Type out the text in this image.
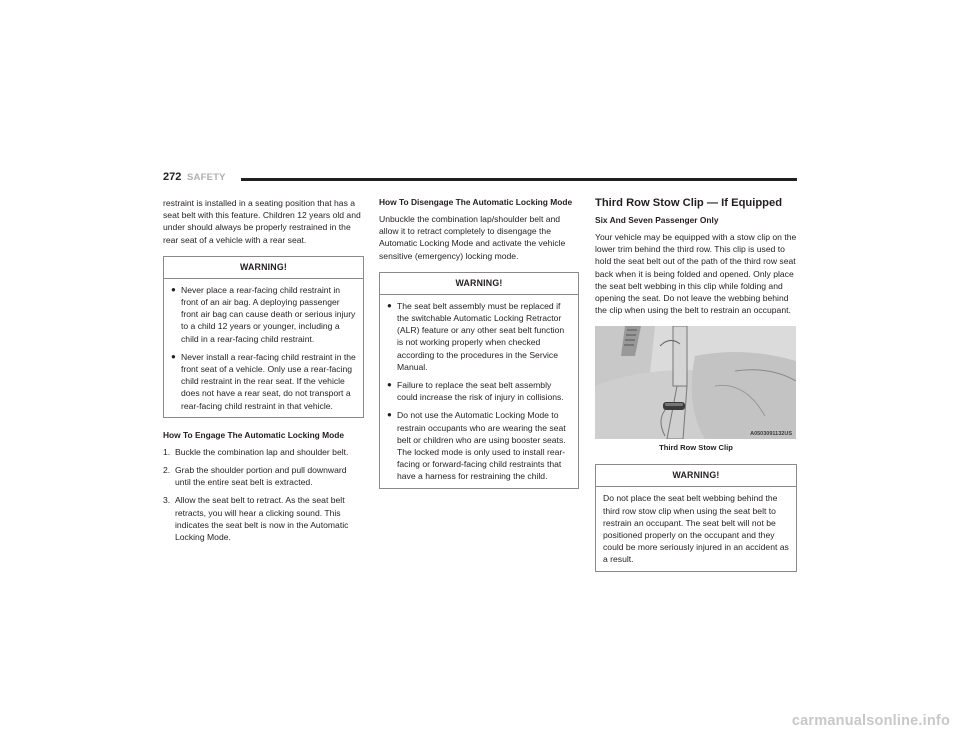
272 SAFETY

restraint is installed in a seating position that has a seat belt with this feature. Children 12 years old and under should always be properly restrained in the rear seat of a vehicle with a rear seat.

WARNING!
● Never place a rear-facing child restraint in front of an air bag. A deploying passenger front air bag can cause death or serious injury to a child 12 years or younger, including a child in a rear-facing child restraint.

● Never install a rear-facing child restraint in the front seat of a vehicle. Only use a rear-facing child restraint in the rear seat. If the vehicle does not have a rear seat, do not transport a rear-facing child restraint in that vehicle.

How To Engage The Automatic Locking Mode
1. Buckle the combination lap and shoulder belt.

2. Grab the shoulder portion and pull downward until the entire seat belt is extracted.

3. Allow the seat belt to retract. As the seat belt retracts, you will hear a clicking sound. This indicates the seat belt is now in the Automatic Locking Mode.

How To Disengage The Automatic Locking Mode

Unbuckle the combination lap/shoulder belt and allow it to retract completely to disengage the Automatic Locking Mode and activate the vehicle sensitive (emergency) locking mode.

WARNING!
● The seat belt assembly must be replaced if the switchable Automatic Locking Retractor (ALR) feature or any other seat belt function is not working properly when checked according to the procedures in the Service Manual.

● Failure to replace the seat belt assembly could increase the risk of injury in collisions.

● Do not use the Automatic Locking Mode to restrain occupants who are wearing the seat belt or children who are using booster seats. The locked mode is only used to install rear-facing or forward-facing child restraints that have a harness for restraining the child.

Third Row Stow Clip — If Equipped
Six And Seven Passenger Only

Your vehicle may be equipped with a stow clip on the lower trim behind the third row. This clip is used to hold the seat belt out of the path of the third row seat back when it is being folded and opened. Only place the seat belt webbing in this clip while folding and opening the seat. Do not leave the webbing behind the clip when using the belt to restrain an occupant.

A0503091132US
Third Row Stow Clip
WARNING!

Do not place the seat belt webbing behind the third row stow clip when using the seat belt to restrain an occupant. The seat belt will not be positioned properly on the occupant and they could be more seriously injured in an accident as a result.

carmanualsonline.info
